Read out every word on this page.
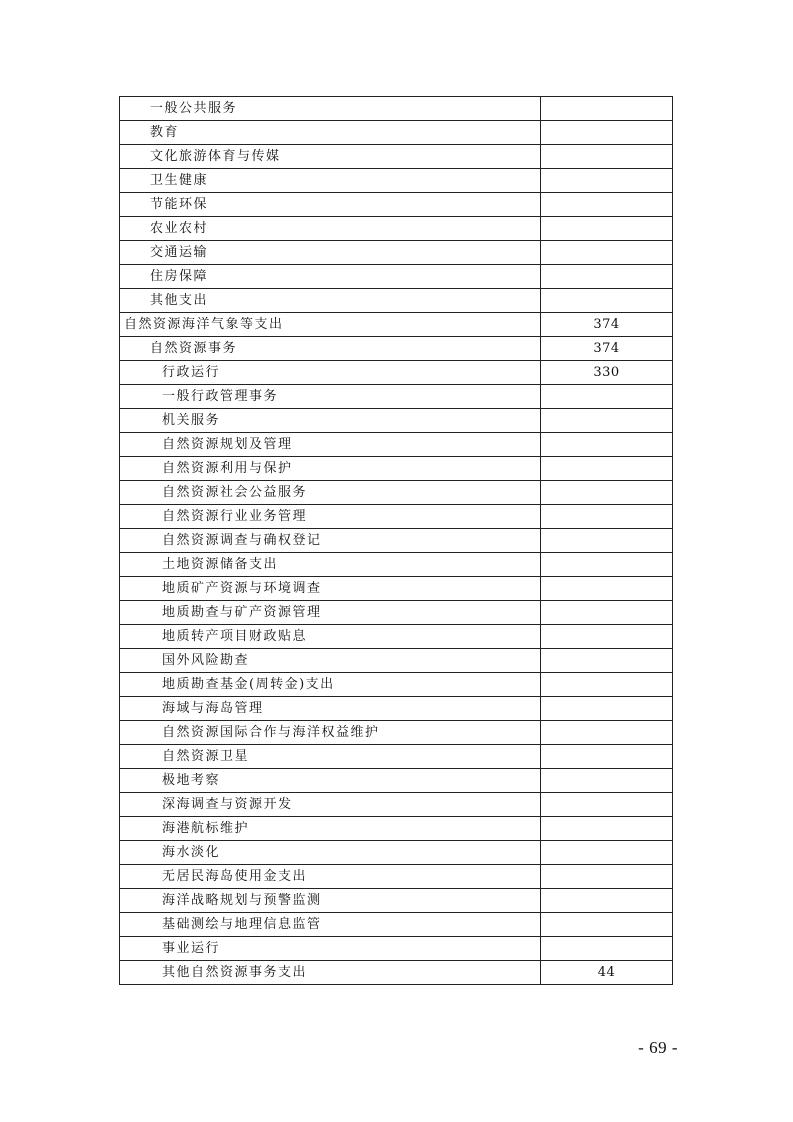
一般公共服务	
教育	
文化旅游体育与传媒	
卫生健康	
节能环保	
农业农村	
交通运输	
住房保障	
其他支出	
自然资源海洋气象等支出	374
自然资源事务	374
行政运行	330
一般行政管理事务	
机关服务	
自然资源规划及管理	
自然资源利用与保护	
自然资源社会公益服务	
自然资源行业业务管理	
自然资源调查与确权登记	
土地资源储备支出	
地质矿产资源与环境调查	
地质勘查与矿产资源管理	
地质转产项目财政贴息	
国外风险勘查	
地质勘查基金(周转金)支出	
海域与海岛管理	
自然资源国际合作与海洋权益维护	
自然资源卫星	
极地考察	
深海调查与资源开发	
海港航标维护	
海水淡化	
无居民海岛使用金支出	
海洋战略规划与预警监测	
基础测绘与地理信息监管	
事业运行	
其他自然资源事务支出	44
- 69 -
